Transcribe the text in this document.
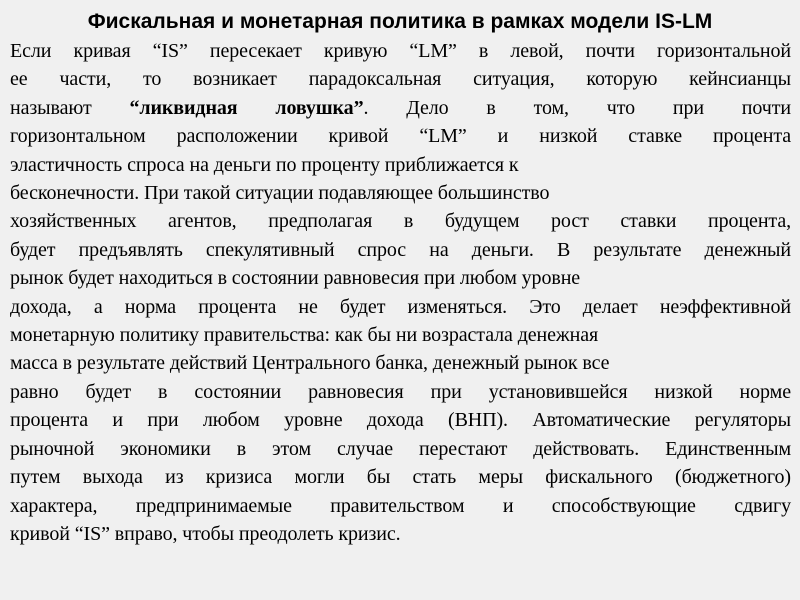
Фискальная и монетарная политика в рамках модели IS-LM
Если кривая “IS” пересекает кривую “LM” в левой, почти горизонтальной
ее части, то возникает парадоксальная ситуация, которую кейнсианцы
называют “ликвидная ловушка”. Дело в том, что при почти
горизонтальном расположении кривой “LM” и низкой ставке процента
эластичность спроса на деньги по проценту приближается к
бесконечности. При такой ситуации подавляющее большинство
хозяйственных агентов, предполагая в будущем рост ставки процента,
будет предъявлять спекулятивный спрос на деньги. В результате денежный
рынок будет находиться в состоянии равновесия при любом уровне
дохода, а норма процента не будет изменяться. Это делает неэффективной
монетарную политику правительства: как бы ни возрастала денежная
масса в результате действий Центрального банка, денежный рынок все
равно будет в состоянии равновесия при установившейся низкой норме
процента и при любом уровне дохода (ВНП). Автоматические регуляторы
рыночной экономики в этом случае перестают действовать. Единственным
путем выхода из кризиса могли бы стать меры фискального (бюджетного)
характера, предпринимаемые правительством и способствующие сдвигу
кривой “IS” вправо, чтобы преодолеть кризис.
